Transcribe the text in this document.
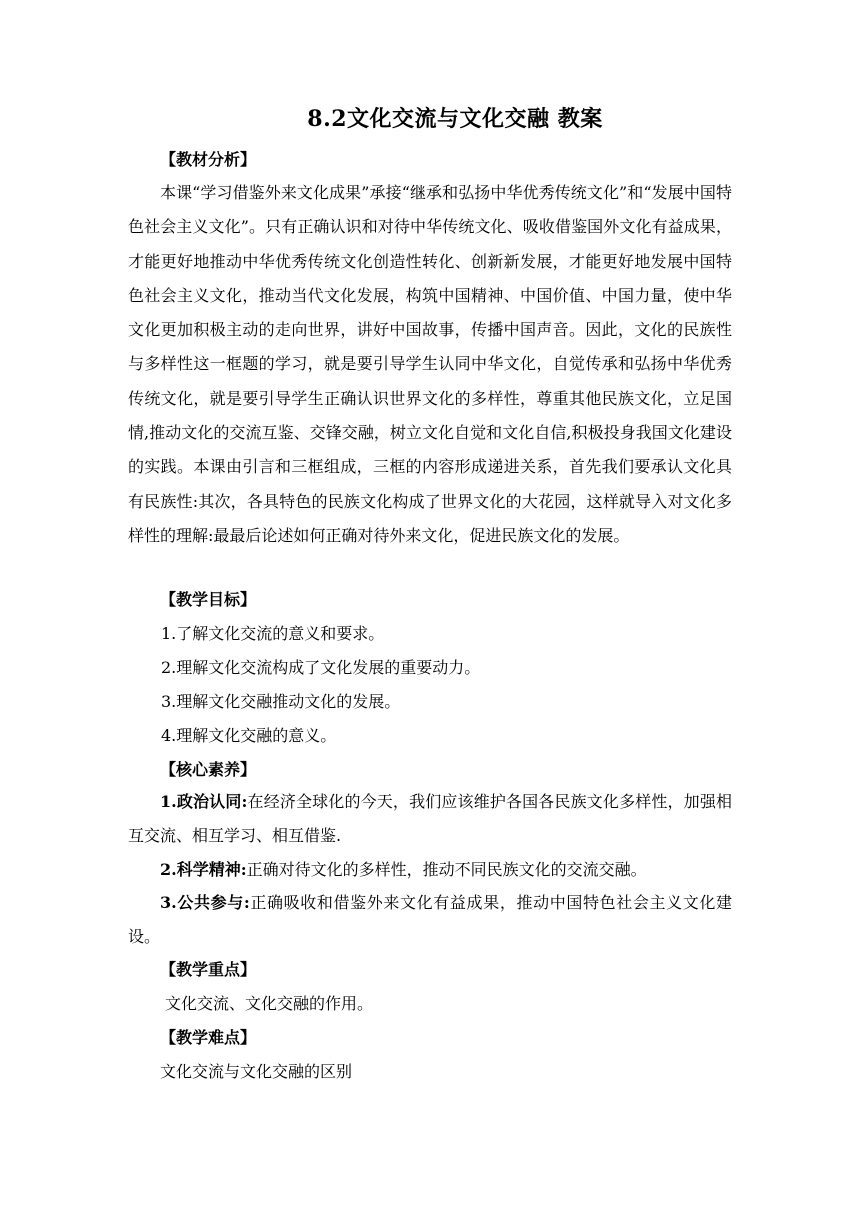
8.2文化交流与文化交融 教案
【教材分析】
本课“学习借鉴外来文化成果”承接“继承和弘扬中华优秀传统文化”和“发展中国特色社会主义文化”。只有正确认识和对待中华传统文化、吸收借鉴国外文化有益成果，才能更好地推动中华优秀传统文化创造性转化、创新新发展，才能更好地发展中国特色社会主义文化，推动当代文化发展，构筑中国精神、中国价值、中国力量，使中华文化更加积极主动的走向世界，讲好中国故事，传播中国声音。因此，文化的民族性与多样性这一框题的学习，就是要引导学生认同中华文化，自觉传承和弘扬中华优秀传统文化，就是要引导学生正确认识世界文化的多样性，尊重其他民族文化，立足国情,推动文化的交流互鉴、交锋交融，树立文化自觉和文化自信,积极投身我国文化建设的实践。本课由引言和三框组成，三框的内容形成递进关系，首先我们要承认文化具有民族性:其次，各具特色的民族文化构成了世界文化的大花园，这样就导入对文化多样性的理解:最最后论述如何正确对待外来文化，促进民族文化的发展。
【教学目标】
1.了解文化交流的意义和要求。
2.理解文化交流构成了文化发展的重要动力。
3.理解文化交融推动文化的发展。
4.理解文化交融的意义。
【核心素养】
1.政治认同:在经济全球化的今天，我们应该维护各国各民族文化多样性，加强相互交流、相互学习、相互借鉴.
2.科学精神:正确对待文化的多样性，推动不同民族文化的交流交融。
3.公共参与:正确吸收和借鉴外来文化有益成果，推动中国特色社会主义文化建设。
【教学重点】
文化交流、文化交融的作用。
【教学难点】
文化交流与文化交融的区别
